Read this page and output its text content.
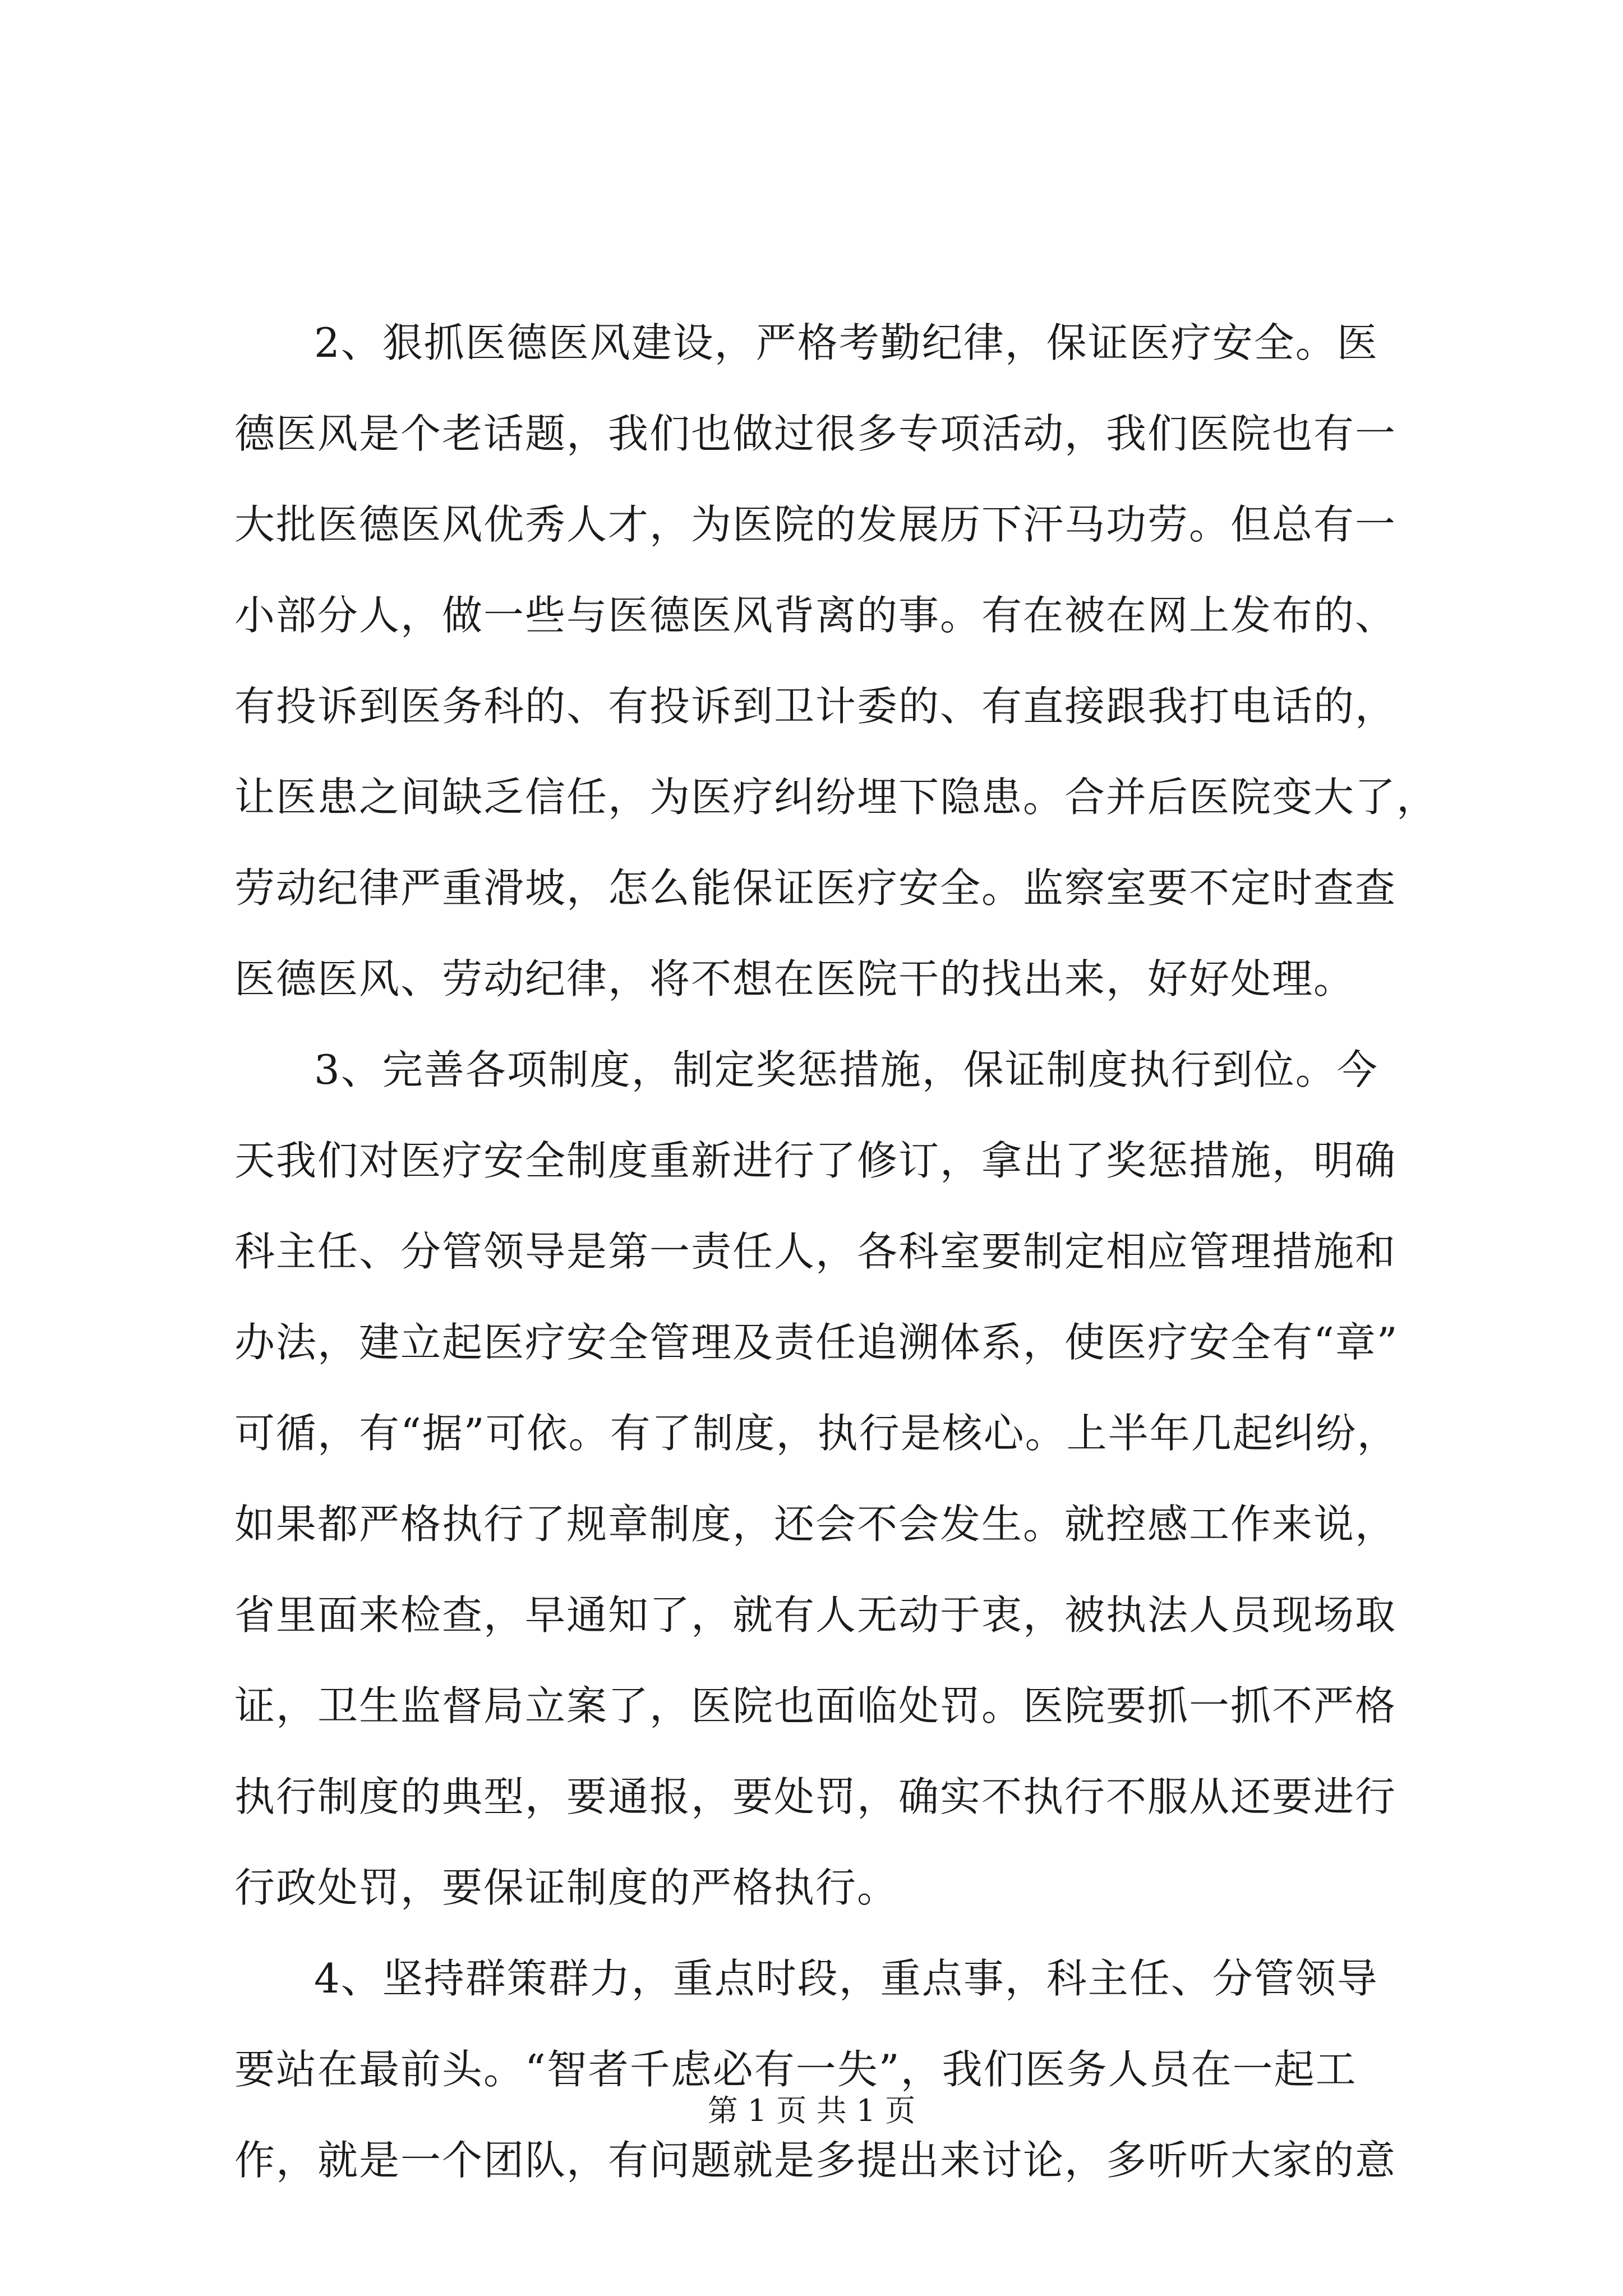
2、狠抓医德医风建设，严格考勤纪律，保证医疗安全。医
德医风是个老话题，我们也做过很多专项活动，我们医院也有一
大批医德医风优秀人才，为医院的发展历下汗马功劳。但总有一
小部分人，做一些与医德医风背离的事。有在被在网上发布的、
有投诉到医务科的、有投诉到卫计委的、有直接跟我打电话的，
让医患之间缺乏信任，为医疗纠纷埋下隐患。合并后医院变大了，
劳动纪律严重滑坡，怎么能保证医疗安全。监察室要不定时查查
医德医风、劳动纪律，将不想在医院干的找出来，好好处理。
3、完善各项制度，制定奖惩措施，保证制度执行到位。今
天我们对医疗安全制度重新进行了修订，拿出了奖惩措施，明确
科主任、分管领导是第一责任人，各科室要制定相应管理措施和
办法，建立起医疗安全管理及责任追溯体系，使医疗安全有“章”
可循，有“据”可依。有了制度，执行是核心。上半年几起纠纷，
如果都严格执行了规章制度，还会不会发生。就控感工作来说，
省里面来检查，早通知了，就有人无动于衷，被执法人员现场取
证，卫生监督局立案了，医院也面临处罚。医院要抓一抓不严格
执行制度的典型，要通报，要处罚，确实不执行不服从还要进行
行政处罚，要保证制度的严格执行。
4、坚持群策群力，重点时段，重点事，科主任、分管领导
要站在最前头。“智者千虑必有一失”，我们医务人员在一起工
作，就是一个团队，有问题就是多提出来讨论，多听听大家的意
第 1 页 共 1 页
